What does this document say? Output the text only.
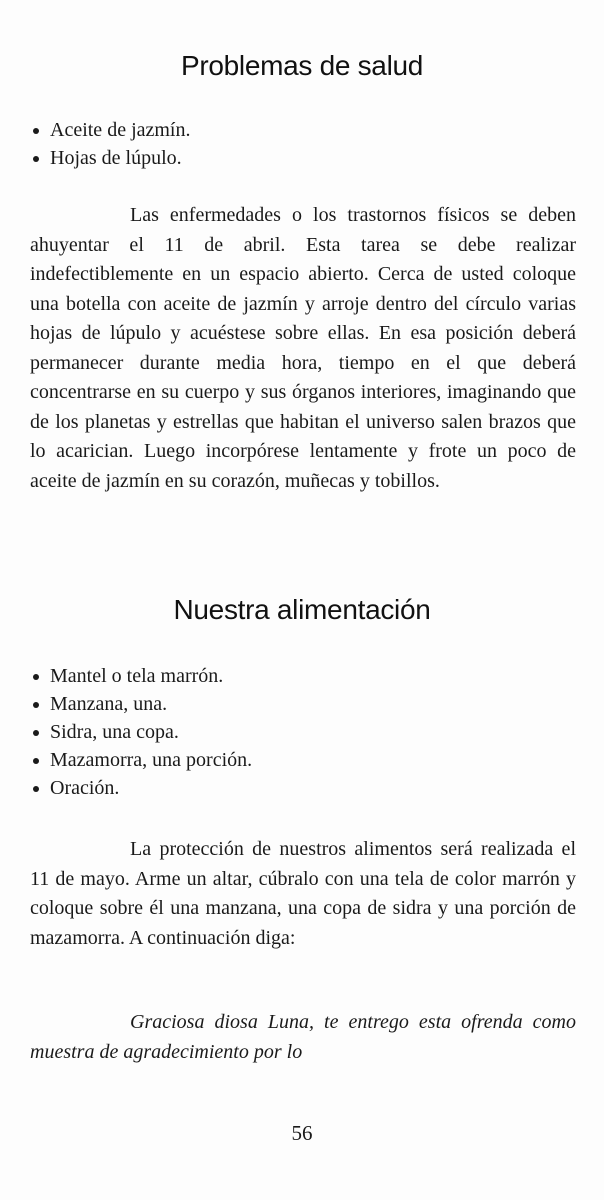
Problemas de salud
Aceite de jazmín.
Hojas de lúpulo.

Las enfermedades o los trastornos físicos se deben ahuyentar el 11 de abril. Esta tarea se debe realizar indefectiblemente en un espacio abierto. Cerca de usted coloque una botella con aceite de jazmín y arroje dentro del círculo varias hojas de lúpulo y acuéstese sobre ellas. En esa posición deberá permanecer durante media hora, tiempo en el que deberá concentrarse en su cuerpo y sus órganos interiores, imaginando que de los planetas y estrellas que habitan el universo salen brazos que lo acarician. Luego incorpórese lentamente y frote un poco de aceite de jazmín en su corazón, muñecas y tobillos.

Nuestra alimentación
Mantel o tela marrón.
Manzana, una.
Sidra, una copa.
Mazamorra, una porción.
Oración.

La protección de nuestros alimentos será realizada el 11 de mayo. Arme un altar, cúbralo con una tela de color marrón y coloque sobre él una manzana, una copa de sidra y una porción de mazamorra. A continuación diga:

Graciosa diosa Luna, te entrego esta ofrenda como muestra de agradecimiento por lo

56
